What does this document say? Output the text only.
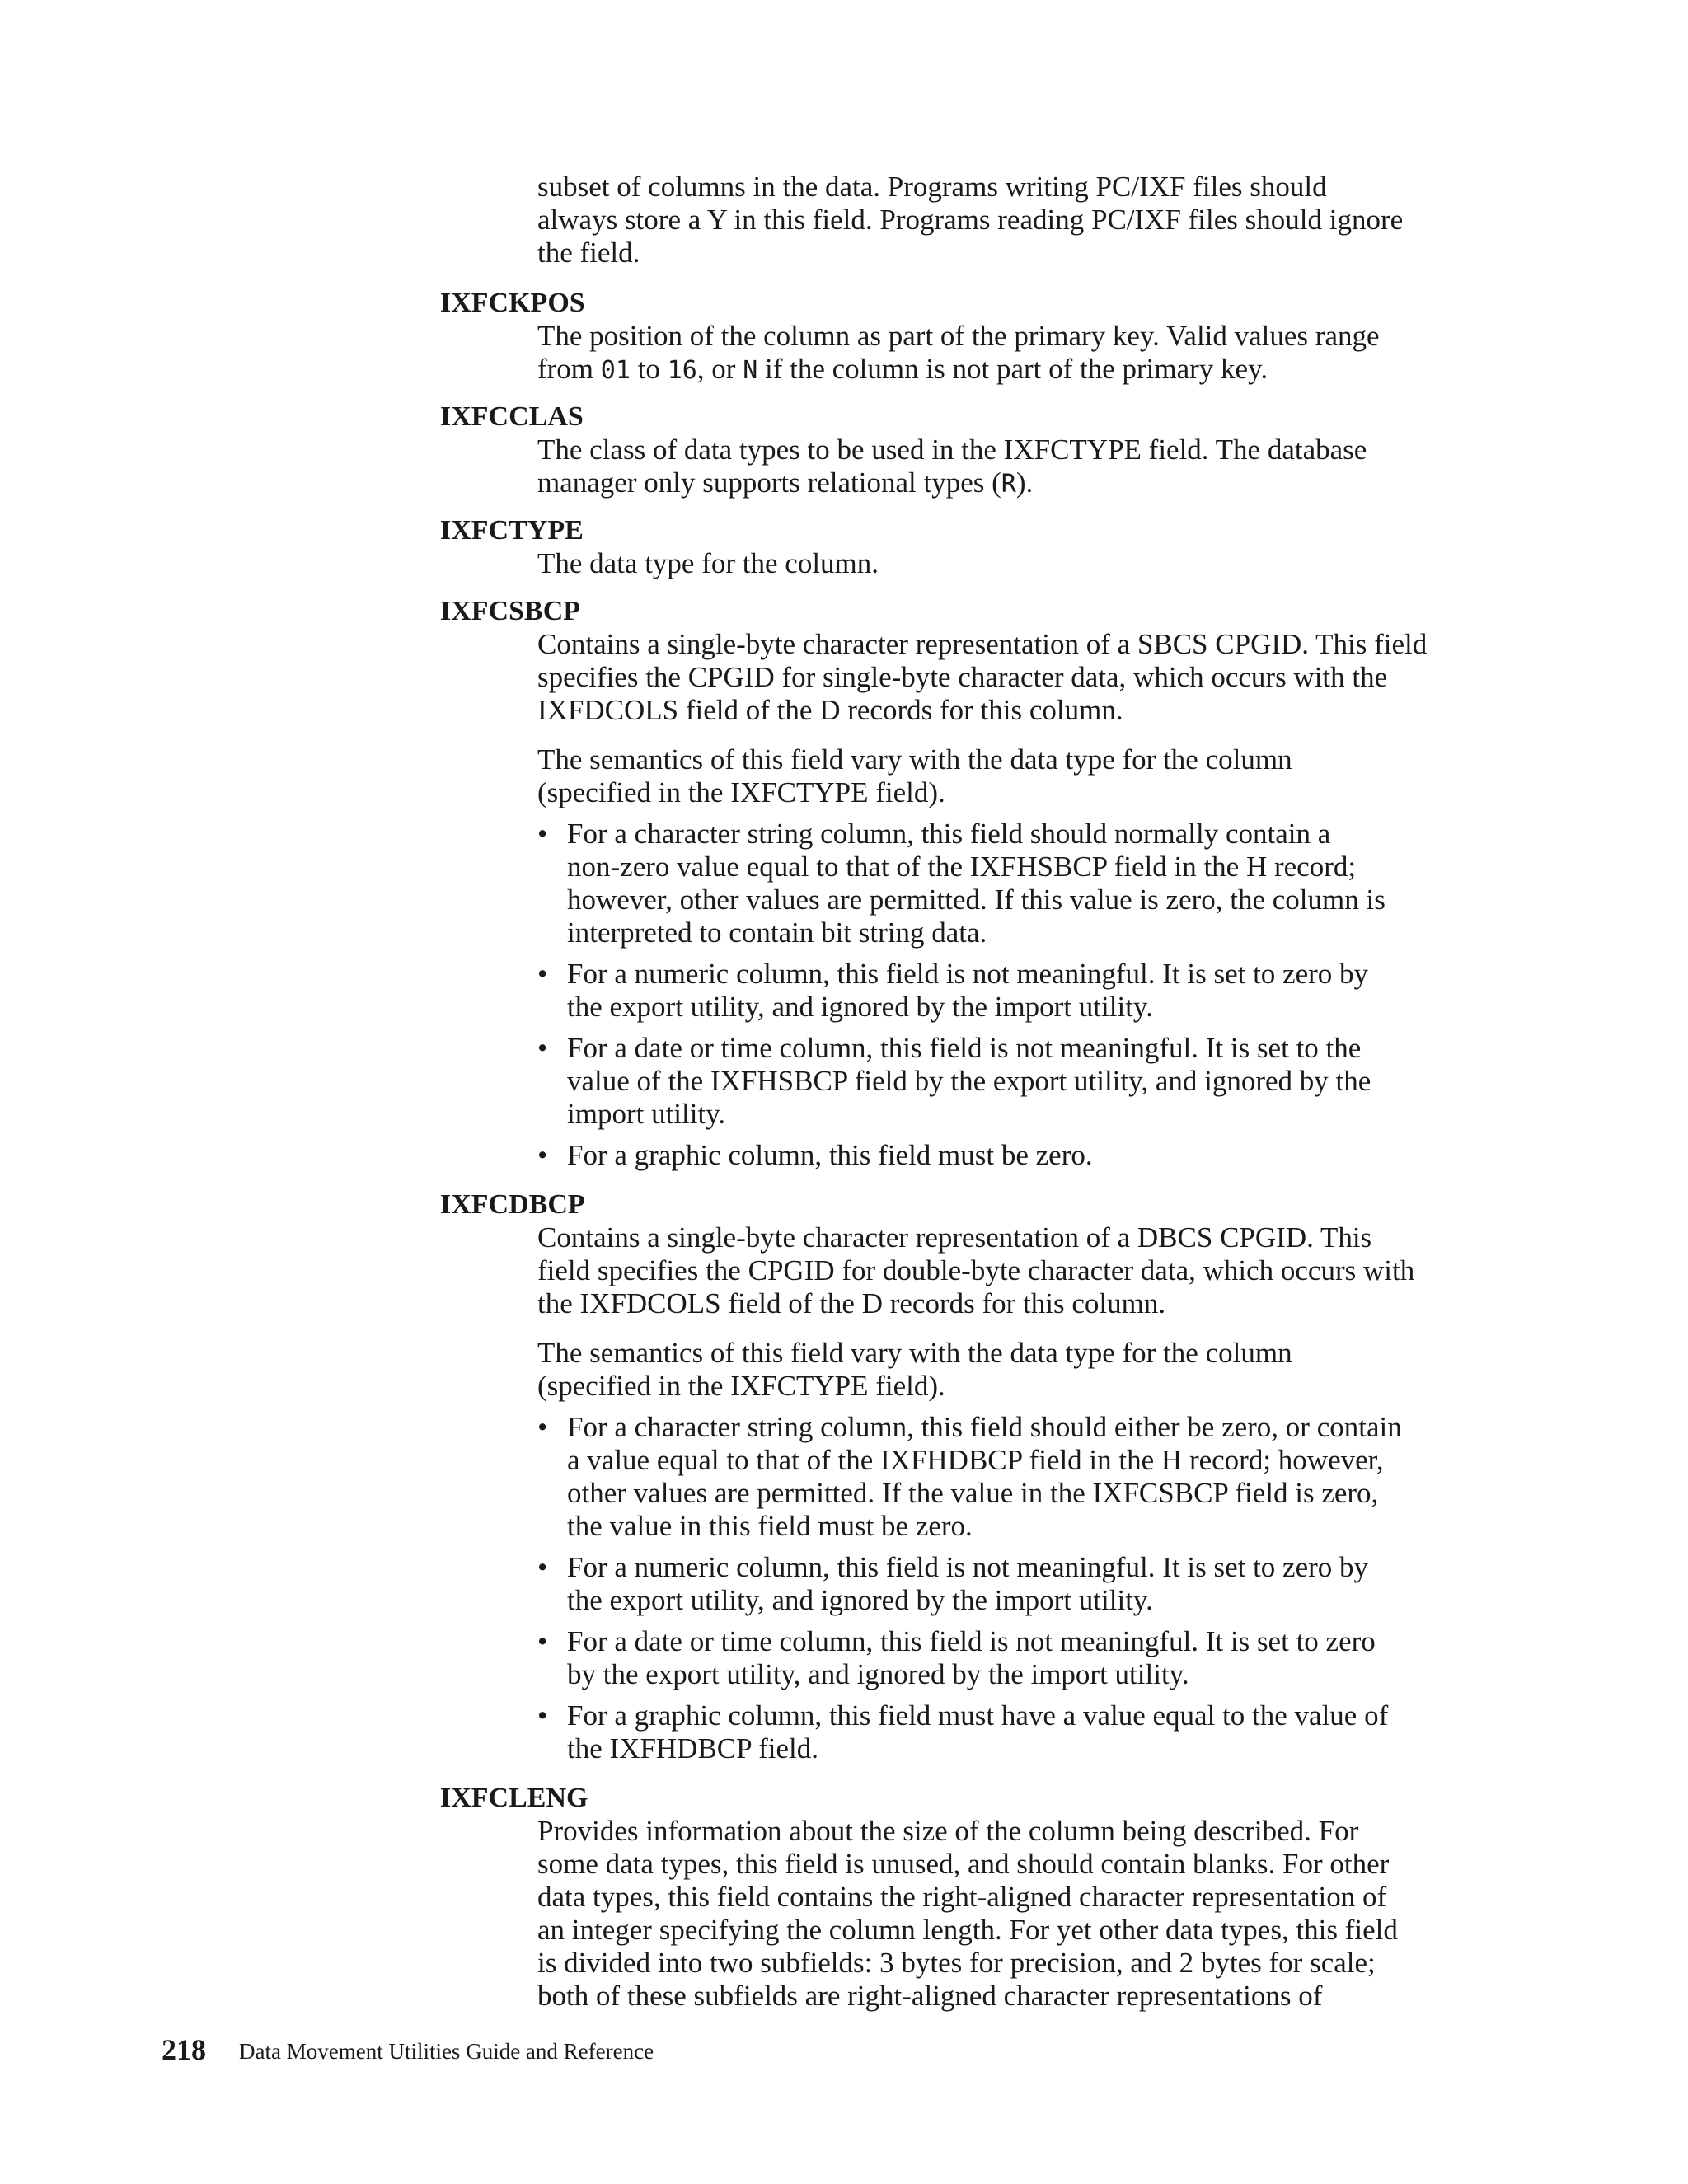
subset of columns in the data. Programs writing PC/IXF files should
always store a Y in this field. Programs reading PC/IXF files should ignore
the field.
IXFCKPOS
The position of the column as part of the primary key. Valid values range
from 01 to 16, or N if the column is not part of the primary key.
IXFCCLAS
The class of data types to be used in the IXFCTYPE field. The database
manager only supports relational types (R).
IXFCTYPE
The data type for the column.
IXFCSBCP
Contains a single-byte character representation of a SBCS CPGID. This field
specifies the CPGID for single-byte character data, which occurs with the
IXFDCOLS field of the D records for this column.
The semantics of this field vary with the data type for the column
(specified in the IXFCTYPE field).
• For a character string column, this field should normally contain a
non-zero value equal to that of the IXFHSBCP field in the H record;
however, other values are permitted. If this value is zero, the column is
interpreted to contain bit string data.
• For a numeric column, this field is not meaningful. It is set to zero by
the export utility, and ignored by the import utility.
• For a date or time column, this field is not meaningful. It is set to the
value of the IXFHSBCP field by the export utility, and ignored by the
import utility.
• For a graphic column, this field must be zero.
IXFCDBCP
Contains a single-byte character representation of a DBCS CPGID. This
field specifies the CPGID for double-byte character data, which occurs with
the IXFDCOLS field of the D records for this column.
The semantics of this field vary with the data type for the column
(specified in the IXFCTYPE field).
• For a character string column, this field should either be zero, or contain
a value equal to that of the IXFHDBCP field in the H record; however,
other values are permitted. If the value in the IXFCSBCP field is zero,
the value in this field must be zero.
• For a numeric column, this field is not meaningful. It is set to zero by
the export utility, and ignored by the import utility.
• For a date or time column, this field is not meaningful. It is set to zero
by the export utility, and ignored by the import utility.
• For a graphic column, this field must have a value equal to the value of
the IXFHDBCP field.
IXFCLENG
Provides information about the size of the column being described. For
some data types, this field is unused, and should contain blanks. For other
data types, this field contains the right-aligned character representation of
an integer specifying the column length. For yet other data types, this field
is divided into two subfields: 3 bytes for precision, and 2 bytes for scale;
both of these subfields are right-aligned character representations of
218 Data Movement Utilities Guide and Reference
